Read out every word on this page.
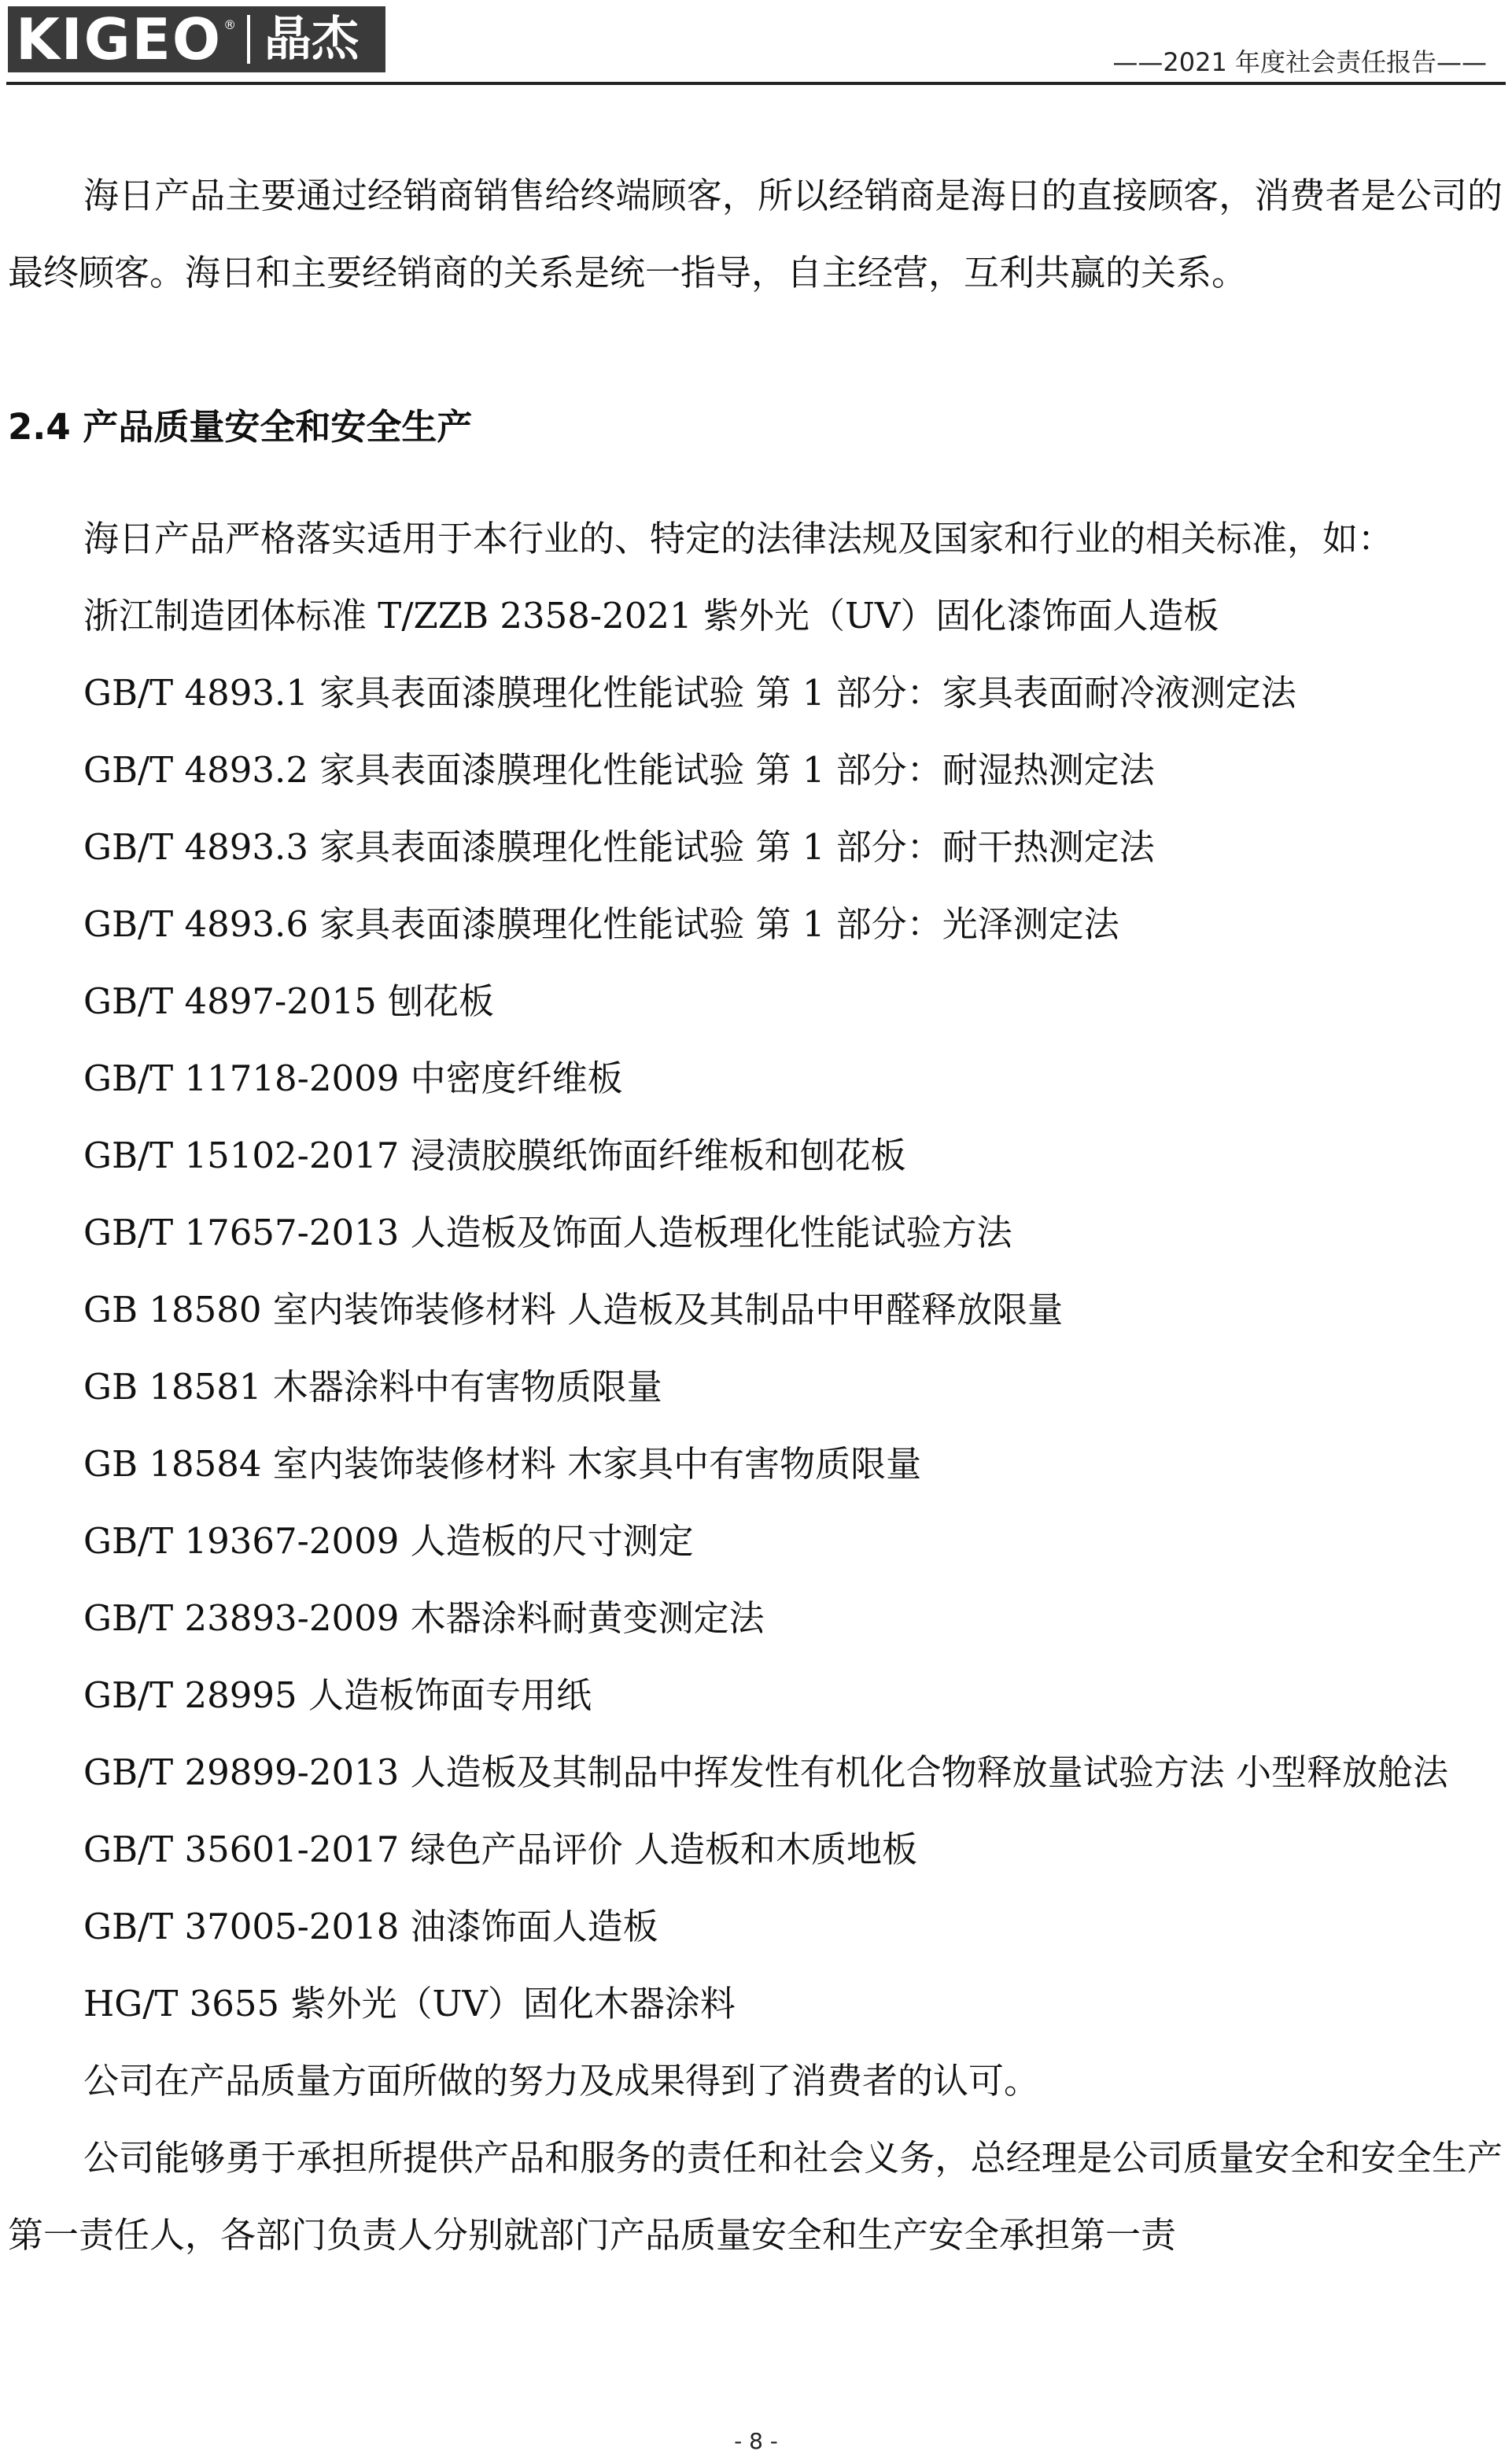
KIGEO ® 晶杰	——2021 年度社会责任报告——

海日产品主要通过经销商销售给终端顾客，所以经销商是海日的直接顾客，消费者是公司的最终顾客。海日和主要经销商的关系是统一指导，自主经营，互利共赢的关系。

2.4 产品质量安全和安全生产

海日产品严格落实适用于本行业的、特定的法律法规及国家和行业的相关标准，如：

浙江制造团体标准 T/ZZB 2358-2021 紫外光（UV）固化漆饰面人造板

GB/T 4893.1 家具表面漆膜理化性能试验 第 1 部分：家具表面耐冷液测定法

GB/T 4893.2 家具表面漆膜理化性能试验 第 1 部分：耐湿热测定法

GB/T 4893.3 家具表面漆膜理化性能试验 第 1 部分：耐干热测定法

GB/T 4893.6 家具表面漆膜理化性能试验 第 1 部分：光泽测定法

GB/T 4897-2015 刨花板

GB/T 11718-2009 中密度纤维板

GB/T 15102-2017 浸渍胶膜纸饰面纤维板和刨花板

GB/T 17657-2013 人造板及饰面人造板理化性能试验方法

GB 18580 室内装饰装修材料 人造板及其制品中甲醛释放限量

GB 18581 木器涂料中有害物质限量

GB 18584 室内装饰装修材料 木家具中有害物质限量

GB/T 19367-2009 人造板的尺寸测定

GB/T 23893-2009 木器涂料耐黄变测定法

GB/T 28995 人造板饰面专用纸

GB/T 29899-2013 人造板及其制品中挥发性有机化合物释放量试验方法 小型释放舱法

GB/T 35601-2017 绿色产品评价 人造板和木质地板

GB/T 37005-2018 油漆饰面人造板

HG/T 3655 紫外光（UV）固化木器涂料

公司在产品质量方面所做的努力及成果得到了消费者的认可。

公司能够勇于承担所提供产品和服务的责任和社会义务，总经理是公司质量安全和安全生产第一责任人，各部门负责人分别就部门产品质量安全和生产安全承担第一责

- 8 -
